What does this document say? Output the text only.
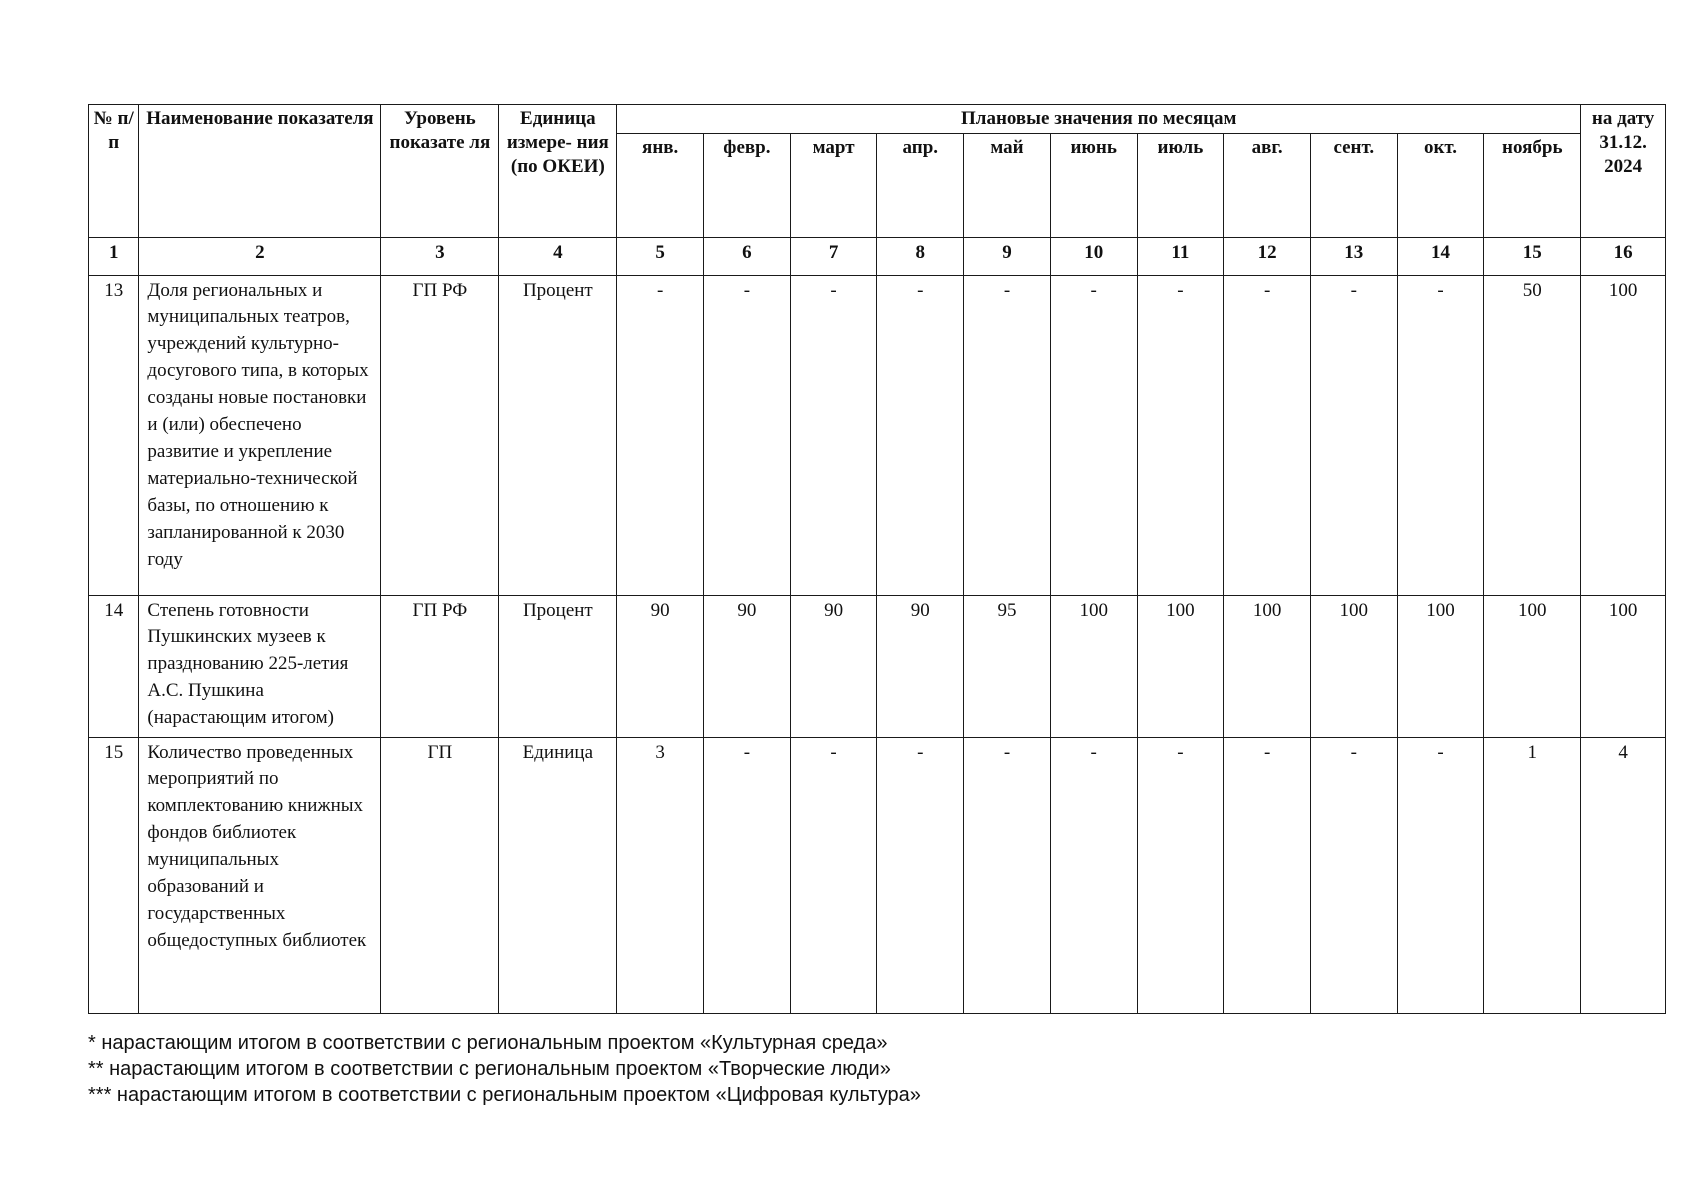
№ п/п	Наименование показателя	Уровень показате ля	Единица измере- ния (по ОКЕИ)	Плановые значения по месяцам											на дату 31.12. 2024
				янв.	февр.	март	апр.	май	июнь	июль	авг.	сент.	окт.	ноябрь	
1	2	3	4	5	6	7	8	9	10	11	12	13	14	15	16
13	Доля региональных и муниципальных театров, учреждений культурно-досугового типа, в которых созданы новые постановки и (или) обеспечено развитие и укрепление материально-технической базы, по отношению к запланированной к 2030 году	ГП РФ	Процент	-	-	-	-	-	-	-	-	-	-	50	100
14	Степень готовности Пушкинских музеев к празднованию 225-летия А.С. Пушкина (нарастающим итогом)	ГП РФ	Процент	90	90	90	90	95	100	100	100	100	100	100	100
15	Количество проведенных мероприятий по комплектованию книжных фондов библиотек муниципальных образований и государственных общедоступных библиотек	ГП	Единица	3	-	-	-	-	-	-	-	-	-	1	4
* нарастающим итогом в соответствии с региональным проектом «Культурная среда»
** нарастающим итогом в соответствии с региональным проектом «Творческие люди»
*** нарастающим итогом в соответствии с региональным проектом «Цифровая культура»
